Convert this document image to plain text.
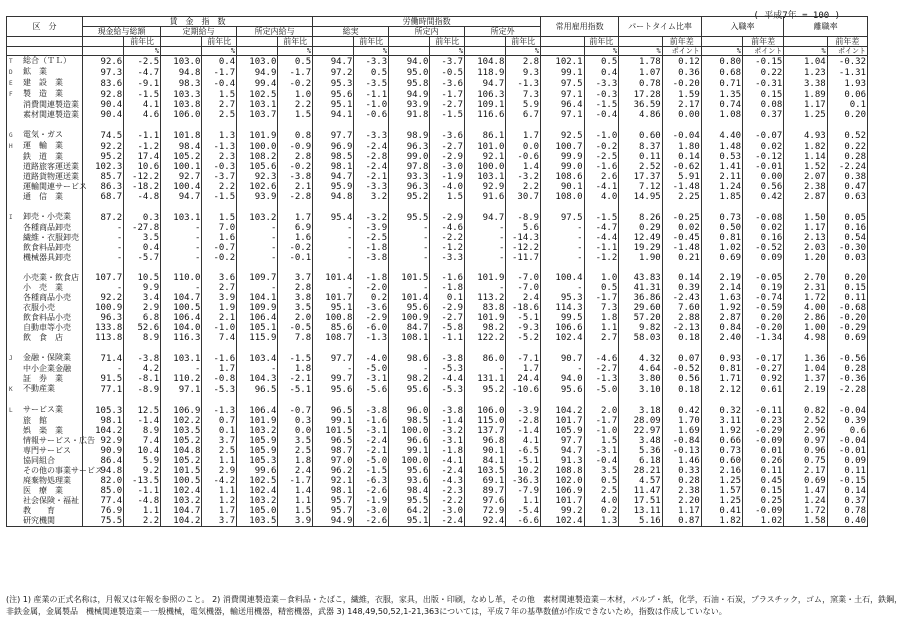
( 平成7年 = 100 )
区　分	賃　金　指　数						労働時間指数						常用雇用指数		パートタイム比率		入職率		離職率	
	現金給与総額		定期給与		所定内給与		総実		所定内		所定外									
		前年比		前年比		前年比		前年比		前年比		前年比		前年比		前年差		前年差		前年差
		%		%		%		%		%		%		%	%	ポイント	%	ポイント	%	ポイント
T 総合（ＴＬ）	92.6	-2.5	103.0	0.4	103.0	0.5	94.7	-3.3	94.0	-3.7	104.8	2.8	102.1	0.5	1.78	0.12	0.80	-0.15	1.04	-0.32
D 鉱　業	97.3	-4.7	94.8	-1.7	94.9	-1.7	97.2	0.5	95.0	-0.5	118.9	9.3	99.1	0.4	1.07	0.36	0.68	0.22	1.23	-1.31
E 建　設　業	83.6	-9.1	98.3	-0.4	99.4	-0.2	95.3	-3.5	95.8	-3.6	94.7	-1.3	97.5	-3.3	0.78	-0.20	0.71	-0.31	3.38	1.93
F 製　造　業	92.8	-1.5	103.3	1.5	102.5	1.0	95.6	-1.1	94.9	-1.7	106.3	7.3	97.1	-0.3	17.28	1.59	1.35	0.15	1.89	0.06
消費関連製造業	90.4	4.1	103.8	2.7	103.1	2.2	95.1	-1.0	93.9	-2.7	109.1	5.9	96.4	-1.5	36.59	2.17	0.74	0.08	1.17	0.1
素材関連製造業	90.4	4.6	106.0	2.5	103.7	1.5	94.1	-0.6	91.8	-1.5	116.6	6.7	97.1	-0.4	4.86	0.00	1.08	0.37	1.25	0.20

G 電気・ガス	74.5	-1.1	101.8	1.3	101.9	0.8	97.7	-3.3	98.9	-3.6	86.1	1.7	92.5	-1.0	0.60	-0.04	4.40	-0.07	4.93	0.52
H 運　輸　業	92.2	-1.2	98.4	-1.3	100.0	-0.9	96.9	-2.4	96.3	-2.7	101.0	0.0	100.7	-0.2	8.37	1.80	1.48	0.02	1.82	0.22
鉄　道　業	95.2	17.4	105.2	2.3	108.2	2.8	98.5	-2.8	99.0	-2.9	92.1	-0.6	99.9	-2.5	0.11	0.14	0.53	-0.12	1.14	0.28
道路旅客運送業	102.3	10.6	100.1	-0.3	105.6	-0.2	98.1	-2.4	97.8	-3.0	100.0	1.4	99.0	-1.6	2.52	-0.62	1.41	-0.01	1.52	-2.24
道路貨物運送業	85.7	-12.2	92.7	-3.7	92.3	-3.8	94.7	-2.1	93.3	-1.9	103.1	-3.2	108.6	2.6	17.37	5.91	2.11	0.00	2.07	0.38
運輸関連サービス	86.3	-18.2	100.4	2.2	102.6	2.1	95.9	-3.3	96.3	-4.0	92.9	2.2	90.1	-4.1	7.12	-1.48	1.24	0.56	2.38	0.47
通　信　業	68.7	-4.8	94.7	-1.5	93.9	-2.8	94.8	3.2	95.2	1.5	91.6	30.7	108.0	4.0	14.95	2.25	1.85	0.42	2.87	0.63

I 卸売・小売業	87.2	0.3	103.1	1.5	103.2	1.7	95.4	-3.2	95.5	-2.9	94.7	-8.9	97.5	-1.5	8.26	-0.25	0.73	-0.08	1.50	0.05
各種商品卸売	-	-27.8	-	7.0	-	6.9	-	-3.9	-	-4.6	-	5.6	-	-4.7	0.29	0.02	0.50	0.02	1.17	0.16
繊維・衣服卸売	-	3.5	-	1.6	-	1.6	-	-2.5	-	-2.2	-	-14.3	-	-4.4	12.49	-0.45	0.81	0.16	2.13	0.54
飲食料品卸売	-	0.4	-	-0.7	-	-0.2	-	-1.8	-	-1.2	-	-12.2	-	-1.1	19.29	-1.48	1.02	-0.52	2.03	-0.30
機械器具卸売	-	-5.7	-	-0.2	-	-0.1	-	-3.8	-	-3.3	-	-11.7	-	-1.2	1.90	0.21	0.69	0.09	1.20	0.03

小売業・飲食店	107.7	10.5	110.0	3.6	109.7	3.7	101.4	-1.8	101.5	-1.6	101.9	-7.0	100.4	1.0	43.83	0.14	2.19	-0.05	2.70	0.20
小　売　業	-	9.9	-	2.7	-	2.8	-	-2.0	-	-1.8	-	-7.0	-	0.5	41.31	0.39	2.14	0.19	2.31	0.15
各種商品小売	92.2	3.4	104.7	3.9	104.1	3.8	101.7	0.2	101.4	0.1	113.2	2.4	95.3	-1.7	36.86	-2.43	1.63	-0.74	1.72	0.11
衣服小売	100.9	2.9	100.5	1.9	109.9	3.5	95.1	-3.6	95.6	-2.9	83.8	-18.6	114.3	7.3	29.60	7.60	1.92	-0.59	4.00	-0.68
飲食料品小売	96.3	6.8	106.4	2.1	106.4	2.0	100.8	-2.9	100.9	-2.7	101.9	-5.1	99.5	1.8	57.20	2.88	2.87	0.20	2.86	-0.20
自動車等小売	133.8	52.6	104.0	-1.0	105.1	-0.5	85.6	-6.0	84.7	-5.8	98.2	-9.3	106.6	1.1	9.82	-2.13	0.84	-0.20	1.00	-0.29
飲　食　店	113.8	8.9	116.3	7.4	115.9	7.8	108.7	-1.3	108.1	-1.1	122.2	-5.2	102.4	2.7	58.03	0.18	2.40	-1.34	4.98	0.69

J 金融・保険業	71.4	-3.8	103.1	-1.6	103.4	-1.5	97.7	-4.0	98.6	-3.8	86.0	-7.1	90.7	-4.6	4.32	0.07	0.93	-0.17	1.36	-0.56
中小企業金融	-	4.2	-	1.7	-	1.8	-	-5.0	-	-5.3	-	1.7	-	-2.7	4.64	-0.52	0.81	-0.27	1.04	0.28
証　券　業	91.5	-8.1	110.2	-0.8	104.3	-2.1	99.7	-3.1	98.2	-4.4	131.1	24.4	94.0	-1.3	3.80	0.56	1.71	0.92	1.37	-0.36
K 不動産業	77.1	-8.9	97.1	-5.3	96.5	-5.1	95.6	-5.6	95.6	-5.3	95.2	-10.6	95.6	-5.0	3.10	0.18	2.12	0.61	2.19	-2.28

L サービス業	105.3	12.5	106.9	-1.3	106.4	-0.7	96.5	-3.8	96.0	-3.8	106.0	-3.9	104.2	2.0	3.18	0.42	0.32	-0.11	0.82	-0.04
旅　館	98.1	-1.4	102.2	0.7	101.9	0.3	99.1	-1.6	98.5	-1.4	115.0	-2.8	101.7	-1.7	28.09	1.70	3.11	0.23	2.52	0.39
娯　楽　業	104.2	8.9	103.5	0.1	103.2	0.0	101.5	-3.1	100.0	-3.2	137.7	-1.4	105.9	-1.0	22.97	1.69	1.92	-0.29	2.96	0.6
情報サービス・広告	92.9	7.4	105.2	3.7	105.9	3.5	96.5	-2.4	96.6	-3.1	96.8	4.1	97.7	1.5	3.48	-0.84	0.66	-0.09	0.97	-0.04
専門サービス	90.9	10.4	104.8	2.5	105.9	2.5	98.7	-2.1	99.1	-1.8	90.1	-6.5	94.7	-3.1	5.36	-0.13	0.73	0.01	0.96	-0.01
協同組合	86.4	5.9	105.2	1.1	105.3	1.8	97.0	-5.0	100.0	-4.1	84.1	-5.1	91.3	-0.4	6.18	1.46	0.60	0.26	0.75	0.09
その他の事業サービス	94.8	9.2	101.5	2.9	99.6	2.4	96.2	-1.5	95.6	-2.4	103.5	10.2	108.8	3.5	28.21	0.33	2.16	0.11	2.17	0.11
廃棄物処理業	82.0	-13.5	100.5	-4.2	102.5	-1.7	92.1	-6.3	93.6	-4.3	69.1	-36.3	102.0	0.5	4.57	0.28	1.25	0.45	0.69	-0.15
医　療　業	85.0	-1.1	102.4	1.1	102.4	1.4	98.1	-2.6	98.4	-2.3	89.7	-7.9	106.9	2.5	11.47	2.38	1.57	0.15	1.47	0.14
社会保険・福祉	77.4	-4.8	103.2	1.2	103.2	1.1	95.7	-1.9	95.5	-2.2	97.6	1.1	101.7	4.0	17.51	2.20	1.25	0.25	1.24	0.37
教　　育	76.9	1.1	104.7	1.7	105.0	1.5	95.7	-3.0	64.2	-3.0	72.9	-5.4	99.2	0.2	13.11	1.17	0.41	-0.09	1.72	0.78
研究機関	75.5	2.2	104.2	3.7	103.5	3.9	94.9	-2.6	95.1	-2.4	92.4	-6.6	102.4	1.3	5.16	0.87	1.82	1.02	1.58	0.40
(注) 1) 産業の正式名称は，月報又は年報を参照のこと。 2) 消費関連製造業－食料品・たばこ，繊維，衣服，家具，出版・印刷，なめし革，その他　素材関連製造業－木材，パルプ・紙，化学，石油・石炭，プラスチック，ゴム，窯業・土石，鉄鋼，
非鉄金属，金属製品　機械関連製造業－一般機械，電気機器，輸送用機器，精密機器，武器 3) 148,49,50,52,1-21,363については，平成７年の基準数値が作成できないため，指数は作成していない。
